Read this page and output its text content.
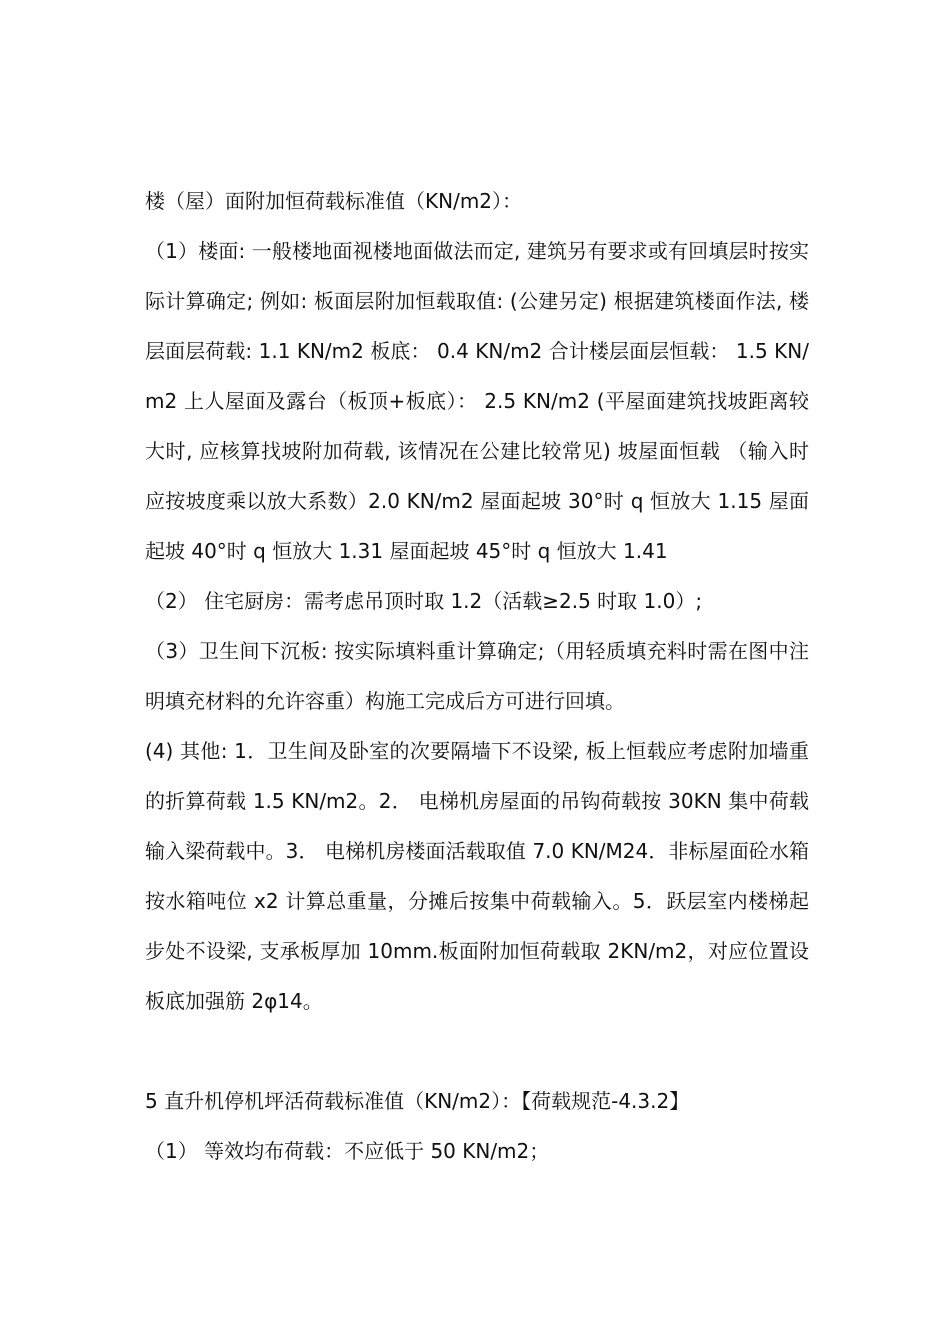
楼（屋）面附加恒荷载标准值（KN/m2）：

（1）楼面: 一般楼地面视楼地面做法而定, 建筑另有要求或有回填层时按实际计算确定; 例如: 板面层附加恒载取值: (公建另定) 根据建筑楼面作法, 楼层面层荷载: 1.1 KN/m2 板底： 0.4 KN/m2 合计楼层面层恒载： 1.5 KN/m2 上人屋面及露台（板顶+板底）： 2.5 KN/m2 (平屋面建筑找坡距离较大时, 应核算找坡附加荷载, 该情况在公建比较常见) 坡屋面恒载 （输入时应按坡度乘以放大系数）2.0 KN/m2 屋面起坡 30°时 q 恒放大 1.15 屋面起坡 40°时 q 恒放大 1.31 屋面起坡 45°时 q 恒放大 1.41

（2） 住宅厨房：需考虑吊顶时取 1.2（活载≥2.5 时取 1.0）;

（3）卫生间下沉板: 按实际填料重计算确定;（用轻质填充料时需在图中注明填充材料的允许容重）构施工完成后方可进行回填。

(4) 其他: 1．卫生间及卧室的次要隔墙下不设梁, 板上恒载应考虑附加墙重的折算荷载 1.5 KN/m2。2． 电梯机房屋面的吊钩荷载按 30KN 集中荷载输入梁荷载中。3． 电梯机房楼面活载取值 7.0 KN/M24．非标屋面砼水箱按水箱吨位 x2 计算总重量，分摊后按集中荷载输入。5．跃层室内楼梯起步处不设梁, 支承板厚加 10mm.板面附加恒荷载取 2KN/m2，对应位置设板底加强筋 2φ14。

5 直升机停机坪活荷载标准值（KN/m2）：【荷载规范-4.3.2】

（1） 等效均布荷载：不应低于 50 KN/m2；
